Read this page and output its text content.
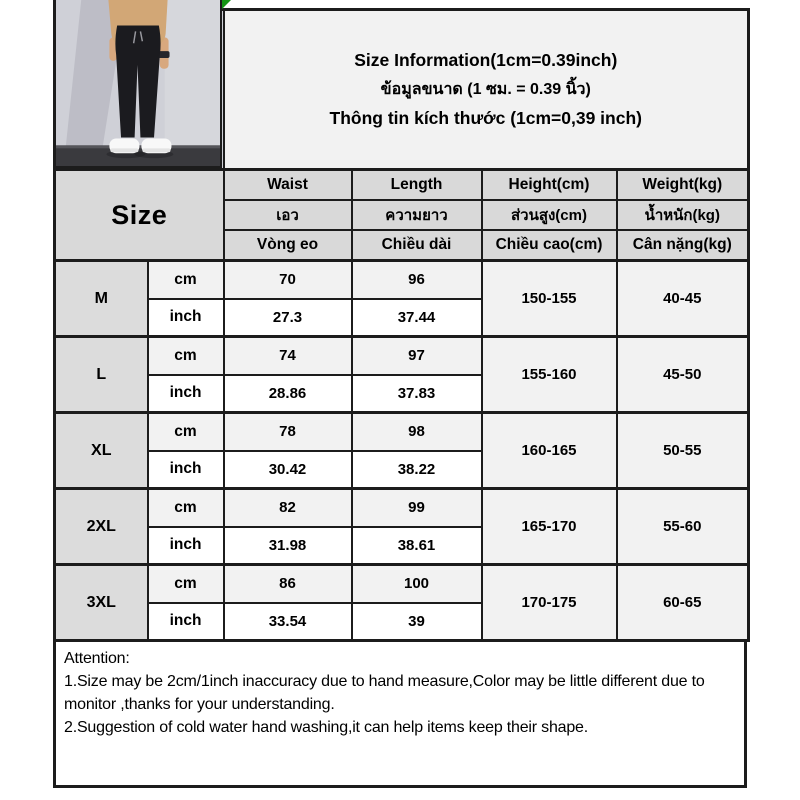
		Size Information(1cm=0.39inch)
ข้อมูลขนาด (1 ซม. = 0.39 นิ้ว)
Thông tin kích thước (1cm=0,39 inch)			

Size		Waist	Length	Height(cm)	Weight(kg)
		เอว	ความยาว	ส่วนสูง(cm)	น้ำหนัก(kg)
		Vòng eo	Chiều dài	Chiều cao(cm)	Cân nặng(kg)
M	cm	70	96	150-155	40-45
	inch	27.3	37.44		
L	cm	74	97	155-160	45-50
	inch	28.86	37.83		
XL	cm	78	98	160-165	50-55
	inch	30.42	38.22		
2XL	cm	82	99	165-170	55-60
	inch	31.98	38.61		
3XL	cm	86	100	170-175	60-65
	inch	33.54	39		
Attention:
1.Size may be 2cm/1inch inaccuracy due to hand measure,Color may be little different due to monitor ,thanks for your understanding.
2.Suggestion of cold water hand washing,it can help items keep their shape.
